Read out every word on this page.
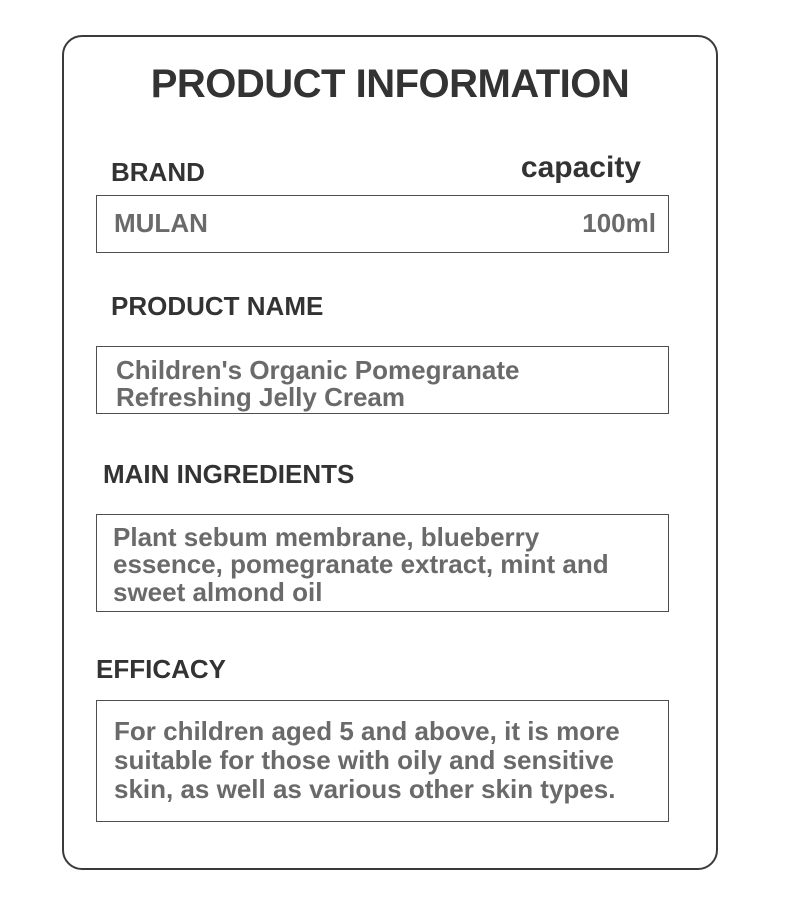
PRODUCT INFORMATION
BRAND	capacity
MULAN	100ml
PRODUCT NAME
Children's Organic Pomegranate Refreshing Jelly Cream
MAIN INGREDIENTS
Plant sebum membrane, blueberry essence, pomegranate extract, mint and sweet almond oil
EFFICACY
For children aged 5 and above, it is more suitable for those with oily and sensitive skin, as well as various other skin types.
